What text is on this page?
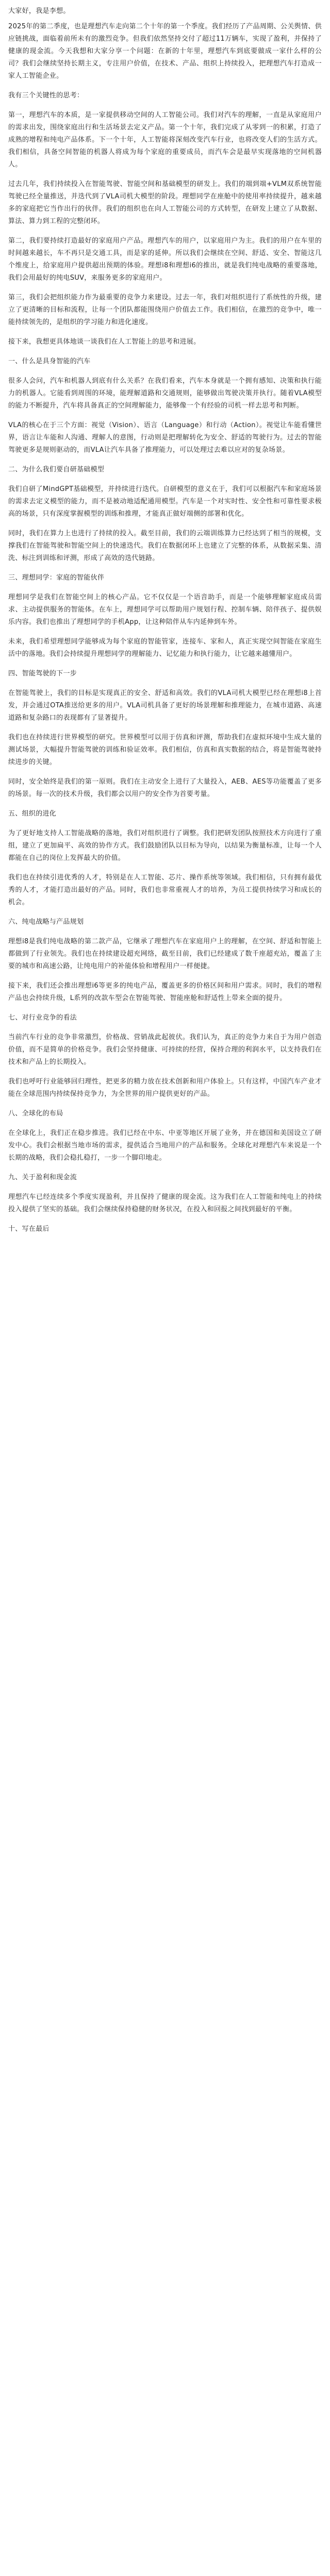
大家好，我是李想。

2025年的第二季度，也是理想汽车走向第二个十年的第一个季度。我们经历了产品周期、公关舆情、供应链挑战，面临着前所未有的激烈竞争。但我们依然坚持交付了超过11万辆车，实现了盈利，并保持了健康的现金流。今天我想和大家分享一个问题：在新的十年里，理想汽车到底要做成一家什么样的公司？我们会继续坚持长期主义，专注用户价值，在技术、产品、组织上持续投入，把理想汽车打造成一家人工智能企业。

我有三个关键性的思考：

第一，理想汽车的本质，是一家提供移动空间的人工智能公司。我们对汽车的理解，一直是从家庭用户的需求出发，围绕家庭出行和生活场景去定义产品。第一个十年，我们完成了从零到一的积累，打造了成熟的增程和纯电产品体系。下一个十年，人工智能将深刻改变汽车行业，也将改变人们的生活方式。我们相信，具备空间智能的机器人将成为每个家庭的重要成员，而汽车会是最早实现落地的空间机器人。

过去几年，我们持续投入在智能驾驶、智能空间和基础模型的研发上。我们的端到端+VLM双系统智能驾驶已经全量推送，并迭代到了VLA司机大模型的阶段。理想同学在座舱中的使用率持续提升，越来越多的家庭把它当作出行的伙伴。我们的组织也在向人工智能公司的方式转型，在研发上建立了从数据、算法、算力到工程的完整闭环。

第二，我们要持续打造最好的家庭用户产品。理想汽车的用户，以家庭用户为主。我们的用户在车里的时间越来越长，车不再只是交通工具，而是家的延伸。所以我们会继续在空间、舒适、安全、智能这几个维度上，给家庭用户提供超出预期的体验。理想i8和理想i6的推出，就是我们纯电战略的重要落地，我们会用最好的纯电SUV，来服务更多的家庭用户。

第三，我们会把组织能力作为最重要的竞争力来建设。过去一年，我们对组织进行了系统性的升级，建立了更清晰的目标和流程，让每一个团队都能围绕用户价值去工作。我们相信，在激烈的竞争中，唯一能持续领先的，是组织的学习能力和进化速度。

接下来，我想更具体地谈一谈我们在人工智能上的思考和进展。

一、什么是具身智能的汽车

很多人会问，汽车和机器人到底有什么关系？在我们看来，汽车本身就是一个拥有感知、决策和执行能力的机器人。它能看到周围的环境，能理解道路和交通规则，能够做出驾驶决策并执行。随着VLA模型的能力不断提升，汽车将具备真正的空间理解能力，能够像一个有经验的司机一样去思考和判断。

VLA的核心在于三个方面：视觉（Vision）、语言（Language）和行动（Action）。视觉让车能看懂世界，语言让车能和人沟通、理解人的意图，行动则是把理解转化为安全、舒适的驾驶行为。过去的智能驾驶更多是规则驱动的，而VLA让汽车具备了推理能力，可以处理过去难以应对的复杂场景。

二、为什么我们要自研基础模型

我们自研了MindGPT基础模型，并持续进行迭代。自研模型的意义在于，我们可以根据汽车和家庭场景的需求去定义模型的能力，而不是被动地适配通用模型。汽车是一个对实时性、安全性和可靠性要求极高的场景，只有深度掌握模型的训练和推理，才能真正做好端侧的部署和优化。

同时，我们在算力上也进行了持续的投入。截至目前，我们的云端训练算力已经达到了相当的规模，支撑我们在智能驾驶和智能空间上的快速迭代。我们在数据闭环上也建立了完整的体系，从数据采集、清洗、标注到训练和评测，形成了高效的迭代链路。

三、理想同学：家庭的智能伙伴

理想同学是我们在智能空间上的核心产品。它不仅仅是一个语音助手，而是一个能够理解家庭成员需求、主动提供服务的智能体。在车上，理想同学可以帮助用户规划行程、控制车辆、陪伴孩子、提供娱乐内容。我们也推出了理想同学的手机App，让这种陪伴从车内延伸到车外。

未来，我们希望理想同学能够成为每个家庭的智能管家，连接车、家和人，真正实现空间智能在家庭生活中的落地。我们会持续提升理想同学的理解能力、记忆能力和执行能力，让它越来越懂用户。

四、智能驾驶的下一步

在智能驾驶上，我们的目标是实现真正的安全、舒适和高效。我们的VLA司机大模型已经在理想i8上首发，并会通过OTA推送给更多的用户。VLA司机具备了更好的场景理解和推理能力，在城市道路、高速道路和复杂路口的表现都有了显著提升。

我们也在持续进行世界模型的研究。世界模型可以用于仿真和评测，帮助我们在虚拟环境中生成大量的测试场景，大幅提升智能驾驶的训练和验证效率。我们相信，仿真和真实数据的结合，将是智能驾驶持续进步的关键。

同时，安全始终是我们的第一原则。我们在主动安全上进行了大量投入，AEB、AES等功能覆盖了更多的场景。每一次的技术升级，我们都会以用户的安全作为首要考量。

五、组织的进化

为了更好地支持人工智能战略的落地，我们对组织进行了调整。我们把研发团队按照技术方向进行了重组，建立了更加扁平、高效的协作方式。我们鼓励团队以目标为导向，以结果为衡量标准，让每一个人都能在自己的岗位上发挥最大的价值。

我们也在持续引进优秀的人才，特别是在人工智能、芯片、操作系统等领域。我们相信，只有拥有最优秀的人才，才能打造出最好的产品。同时，我们也非常重视人才的培养，为员工提供持续学习和成长的机会。

六、纯电战略与产品规划

理想i8是我们纯电战略的第二款产品，它继承了理想汽车在家庭用户上的理解，在空间、舒适和智能上都做到了行业领先。我们也在持续建设超充网络，截至目前，我们已经建成了数千座超充站，覆盖了主要的城市和高速公路，让纯电用户的补能体验和增程用户一样便捷。

接下来，我们还会推出理想i6等更多的纯电产品，覆盖更多的价格区间和用户需求。同时，我们的增程产品也会持续升级，L系列的改款车型会在智能驾驶、智能座舱和舒适性上带来全面的提升。

七、对行业竞争的看法

当前汽车行业的竞争非常激烈，价格战、营销战此起彼伏。我们认为，真正的竞争力来自于为用户创造价值，而不是简单的价格竞争。我们会坚持健康、可持续的经营，保持合理的利润水平，以支持我们在技术和产品上的长期投入。

我们也呼吁行业能够回归理性，把更多的精力放在技术创新和用户体验上。只有这样，中国汽车产业才能在全球范围内持续保持竞争力，为全世界的用户提供更好的产品。

八、全球化的布局

在全球化上，我们正在稳步推进。我们已经在中东、中亚等地区开展了业务，并在德国和美国设立了研发中心。我们会根据当地市场的需求，提供适合当地用户的产品和服务。全球化对理想汽车来说是一个长期的战略，我们会稳扎稳打，一步一个脚印地走。

九、关于盈利和现金流

理想汽车已经连续多个季度实现盈利，并且保持了健康的现金流。这为我们在人工智能和纯电上的持续投入提供了坚实的基础。我们会继续保持稳健的财务状况，在投入和回报之间找到最好的平衡。

十、写在最后
